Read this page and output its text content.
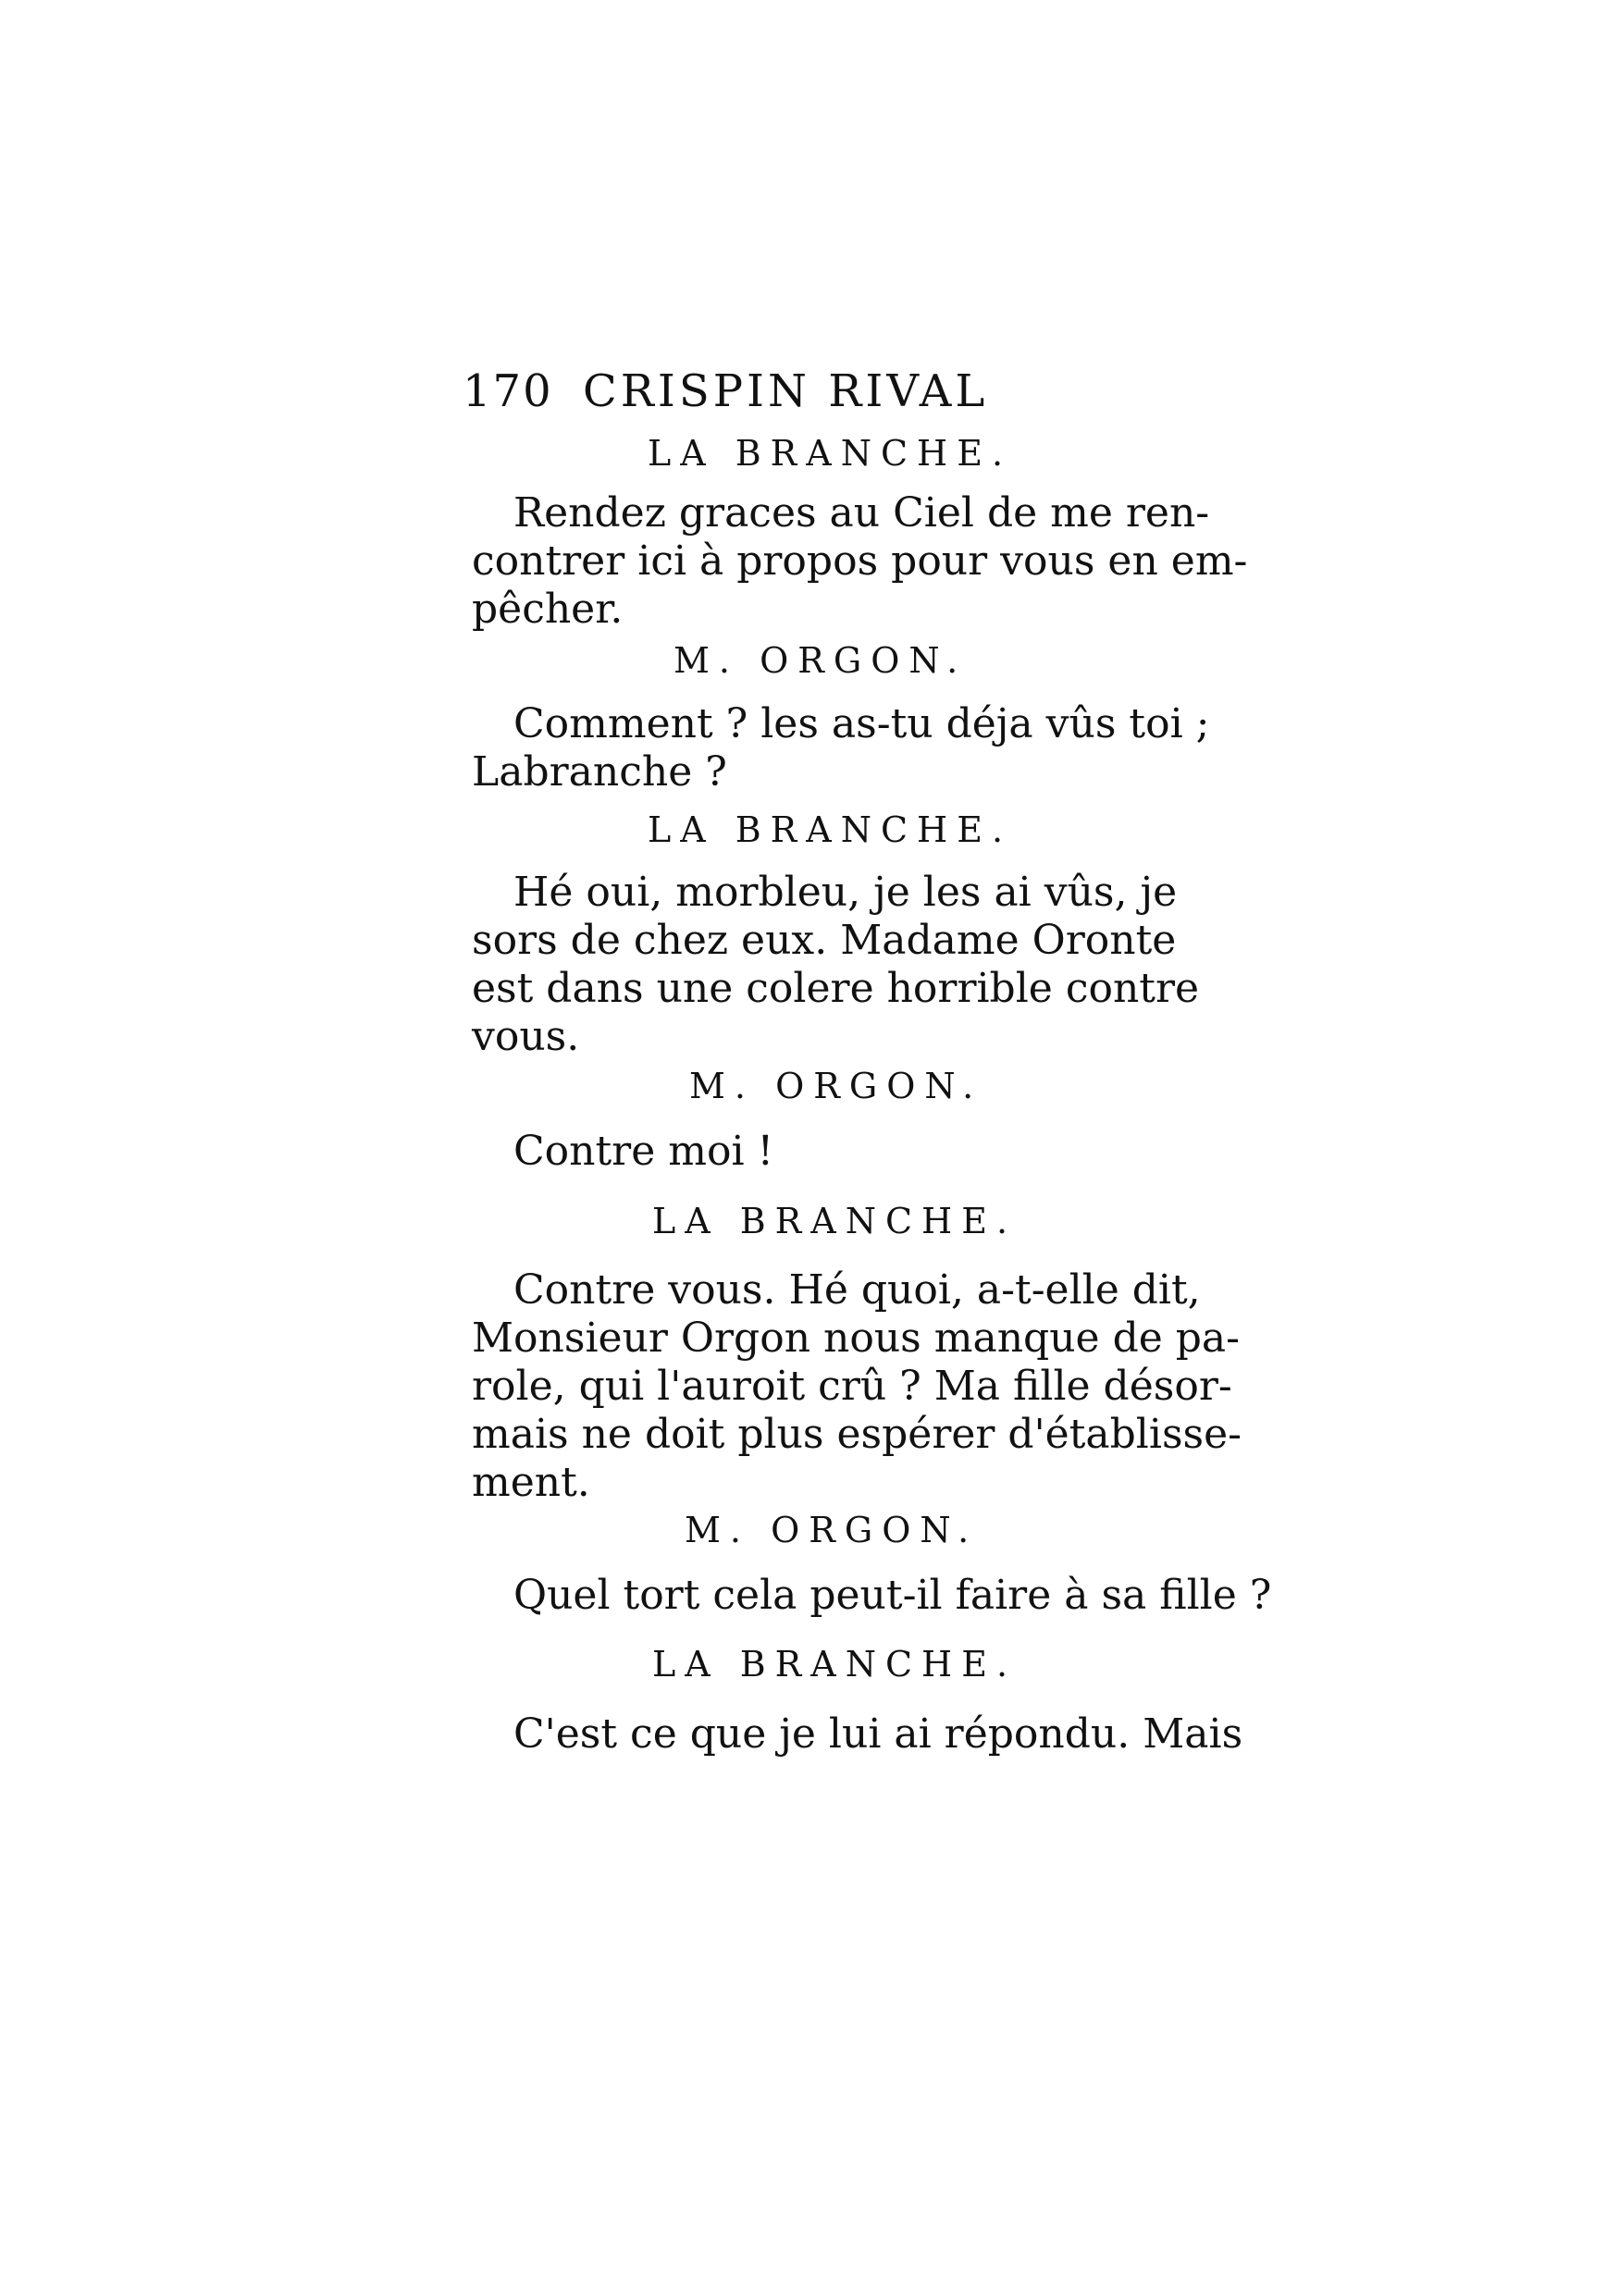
170 CRISPIN RIVAL
LA BRANCHE.
Rendez graces au Ciel de me ren-
contrer ici à propos pour vous en em-
pêcher.
M. ORGON.
Comment ? les as-tu déja vûs toi ;
Labranche ?
LA BRANCHE.
Hé oui, morbleu, je les ai vûs, je
sors de chez eux. Madame Oronte
est dans une colere horrible contre
vous.
M. ORGON.
Contre moi !
LA BRANCHE.
Contre vous. Hé quoi, a-t-elle dit,
Monsieur Orgon nous manque de pa-
role, qui l'auroit crû ? Ma fille désor-
mais ne doit plus espérer d'établisse-
ment.
M. ORGON.
Quel tort cela peut-il faire à sa fille ?
LA BRANCHE.
C'est ce que je lui ai répondu. Mais
